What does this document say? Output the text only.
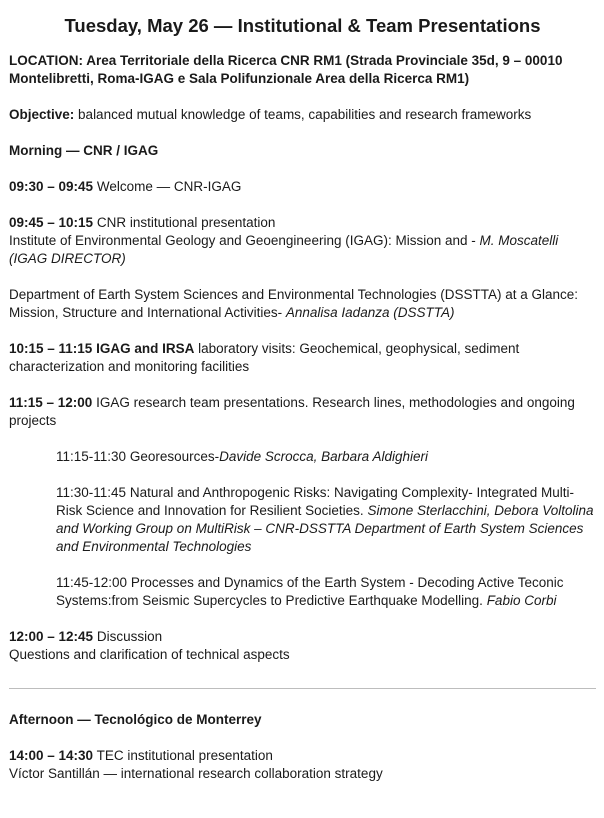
Tuesday, May 26 — Institutional & Team Presentations

LOCATION: Area Territoriale della Ricerca CNR RM1 (Strada Provinciale 35d, 9 – 00010 Montelibretti, Roma-IGAG e Sala Polifunzionale Area della Ricerca RM1)

Objective: balanced mutual knowledge of teams, capabilities and research frameworks

Morning — CNR / IGAG

09:30 – 09:45 Welcome — CNR-IGAG

09:45 – 10:15 CNR institutional presentation
Institute of Environmental Geology and Geoengineering (IGAG): Mission and - M. Moscatelli (IGAG DIRECTOR)

Department of Earth System Sciences and Environmental Technologies (DSSTTA) at a Glance: Mission, Structure and International Activities- Annalisa Iadanza (DSSTTA)

10:15 – 11:15 IGAG and IRSA laboratory visits: Geochemical, geophysical, sediment characterization and monitoring facilities

11:15 – 12:00 IGAG research team presentations. Research lines, methodologies and ongoing projects

11:15-11:30 Georesources-Davide Scrocca, Barbara Aldighieri

11:30-11:45 Natural and Anthropogenic Risks: Navigating Complexity- Integrated Multi-Risk Science and Innovation for Resilient Societies. Simone Sterlacchini, Debora Voltolina and Working Group on MultiRisk – CNR-DSSTTA Department of Earth System Sciences and Environmental Technologies

11:45-12:00 Processes and Dynamics of the Earth System - Decoding Active Teconic Systems:from Seismic Supercycles to Predictive Earthquake Modelling. Fabio Corbi

12:00 – 12:45 Discussion
Questions and clarification of technical aspects

Afternoon — Tecnológico de Monterrey

14:00 – 14:30 TEC institutional presentation
Víctor Santillán — international research collaboration strategy
